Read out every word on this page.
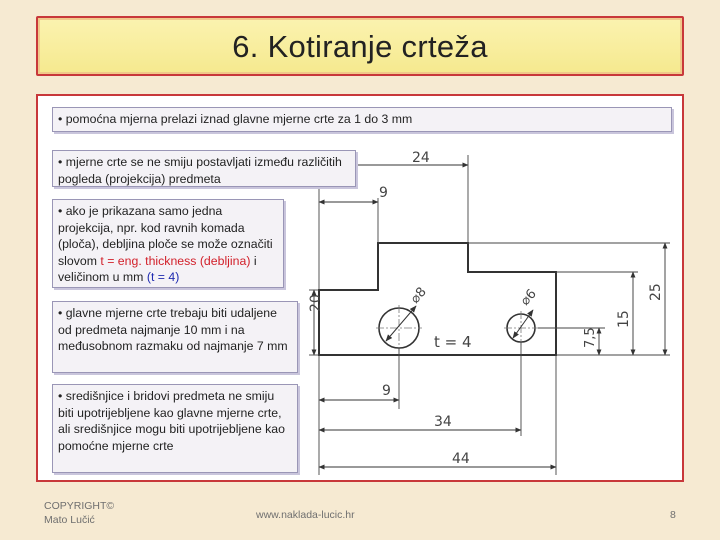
6. Kotiranje crteža
⌀8	⌀6
t = 4
24
9
20
25
15
7,5
9
34
44
• pomoćna mjerna prelazi iznad glavne mjerne crte za 1 do 3 mm
• mjerne crte se ne smiju postavljati između različitih pogleda (projekcija) predmeta
• ako je prikazana samo jedna projekcija, npr. kod ravnih komada (ploča), debljina ploče se može označiti slovom t = eng. thickness (debljina) i veličinom u mm (t = 4)
• glavne mjerne crte trebaju biti udaljene od predmeta najmanje 10 mm i na međusobnom razmaku od najmanje 7 mm
• središnjice i bridovi predmeta ne smiju biti upotrijebljene kao glavne mjerne crte, ali središnjice mogu biti upotrijebljene kao pomoćne mjerne crte
COPYRIGHT©
Mato Lučić	www.naklada-lucic.hr	8
